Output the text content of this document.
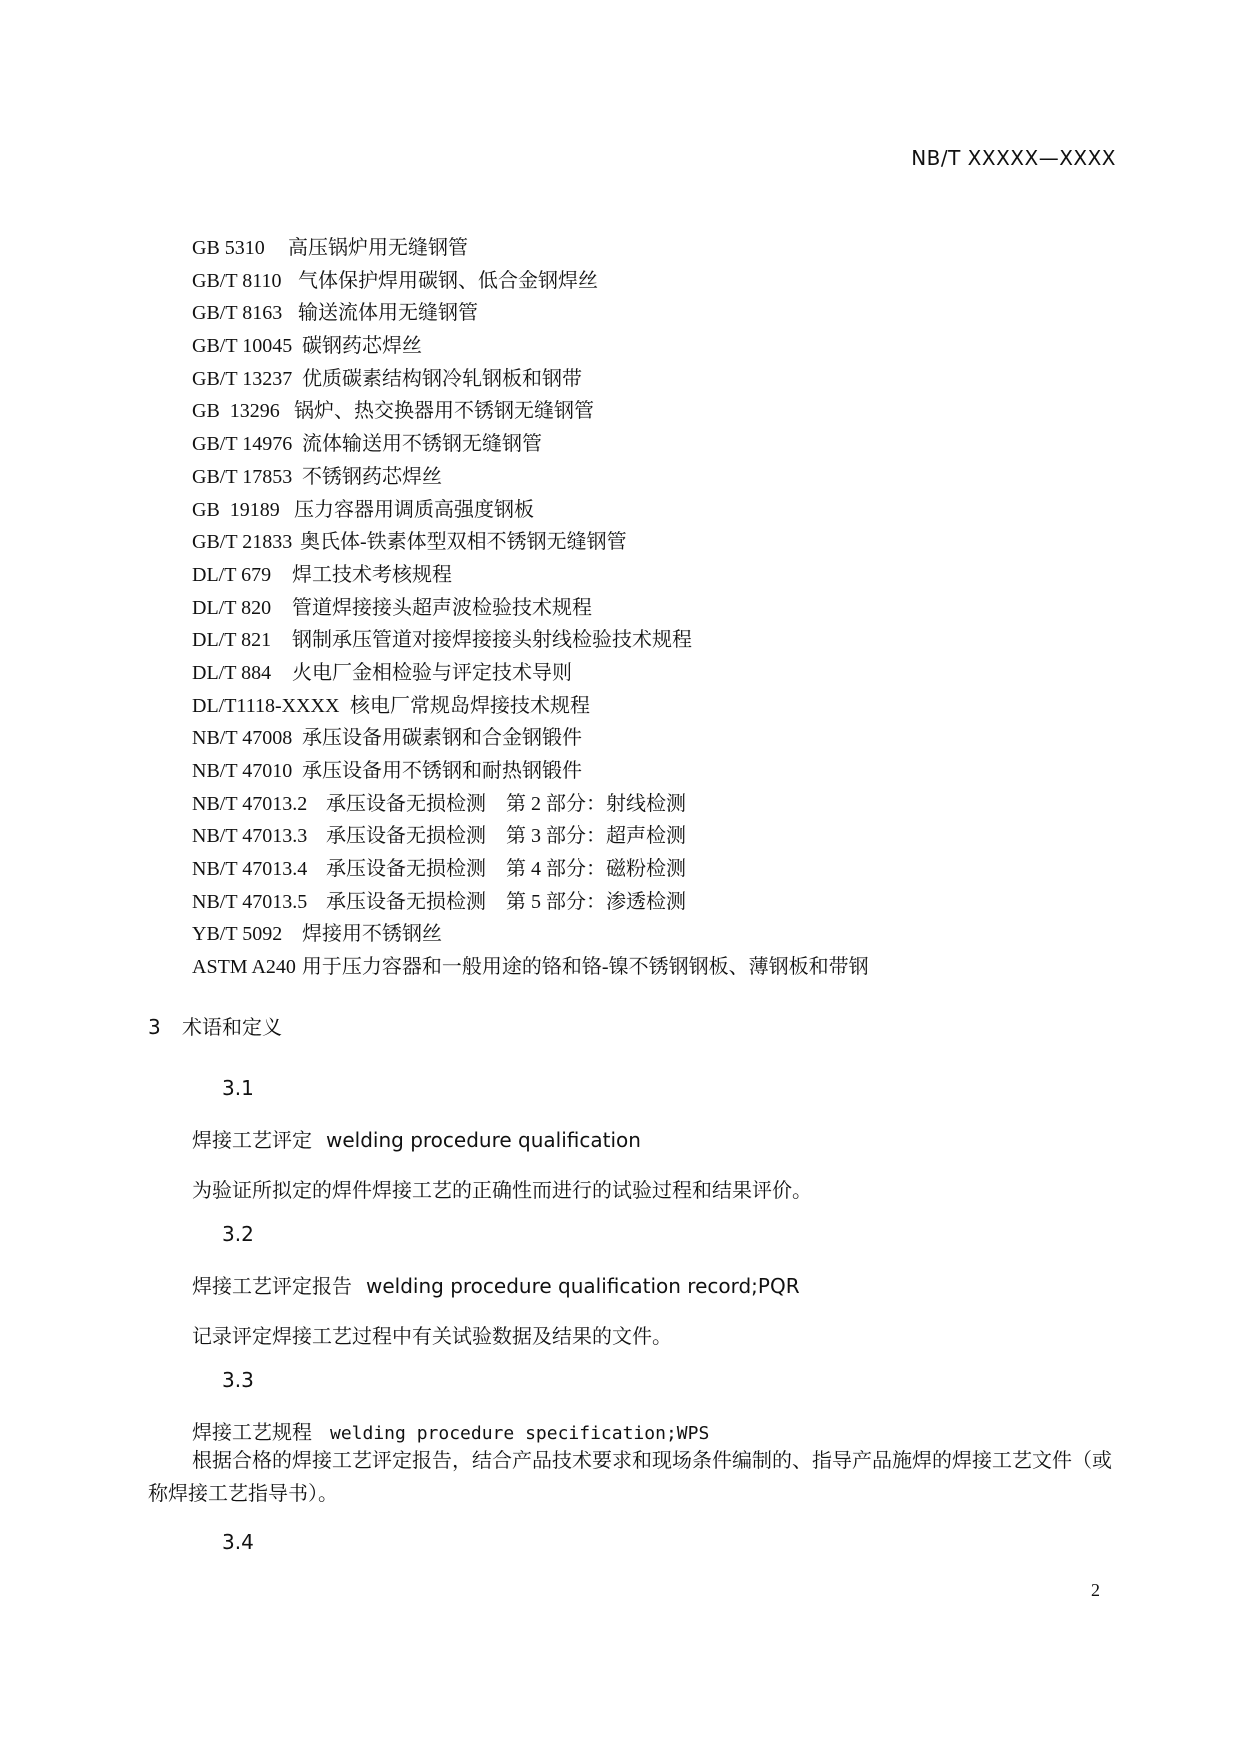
NB/T XXXXX—XXXX
GB 5310 高压锅炉用无缝钢管
GB/T 8110 气体保护焊用碳钢、低合金钢焊丝
GB/T 8163 输送流体用无缝钢管
GB/T 10045 碳钢药芯焊丝
GB/T 13237 优质碳素结构钢冷轧钢板和钢带
GB  13296 锅炉、热交换器用不锈钢无缝钢管
GB/T 14976 流体输送用不锈钢无缝钢管
GB/T 17853 不锈钢药芯焊丝
GB  19189 压力容器用调质高强度钢板
GB/T 21833 奥氏体-铁素体型双相不锈钢无缝钢管
DL/T 679 焊工技术考核规程
DL/T 820 管道焊接接头超声波检验技术规程
DL/T 821 钢制承压管道对接焊接接头射线检验技术规程
DL/T 884 火电厂金相检验与评定技术导则
DL/T1118-XXXX 核电厂常规岛焊接技术规程
NB/T 47008 承压设备用碳素钢和合金钢锻件
NB/T 47010 承压设备用不锈钢和耐热钢锻件
NB/T 47013.2 承压设备无损检测　第 2 部分：射线检测
NB/T 47013.3 承压设备无损检测　第 3 部分：超声检测
NB/T 47013.4 承压设备无损检测　第 4 部分：磁粉检测
NB/T 47013.5 承压设备无损检测　第 5 部分：渗透检测
YB/T 5092 焊接用不锈钢丝
ASTM A240 用于压力容器和一般用途的铬和铬-镍不锈钢钢板、薄钢板和带钢
3 术语和定义
3.1
焊接工艺评定 welding procedure qualification
为验证所拟定的焊件焊接工艺的正确性而进行的试验过程和结果评价。
3.2
焊接工艺评定报告 welding procedure qualification record;PQR
记录评定焊接工艺过程中有关试验数据及结果的文件。
3.3
焊接工艺规程 welding procedure specification;WPS
根据合格的焊接工艺评定报告，结合产品技术要求和现场条件编制的、指导产品施焊的焊接工艺文件（或称焊接工艺指导书）。
3.4
2
